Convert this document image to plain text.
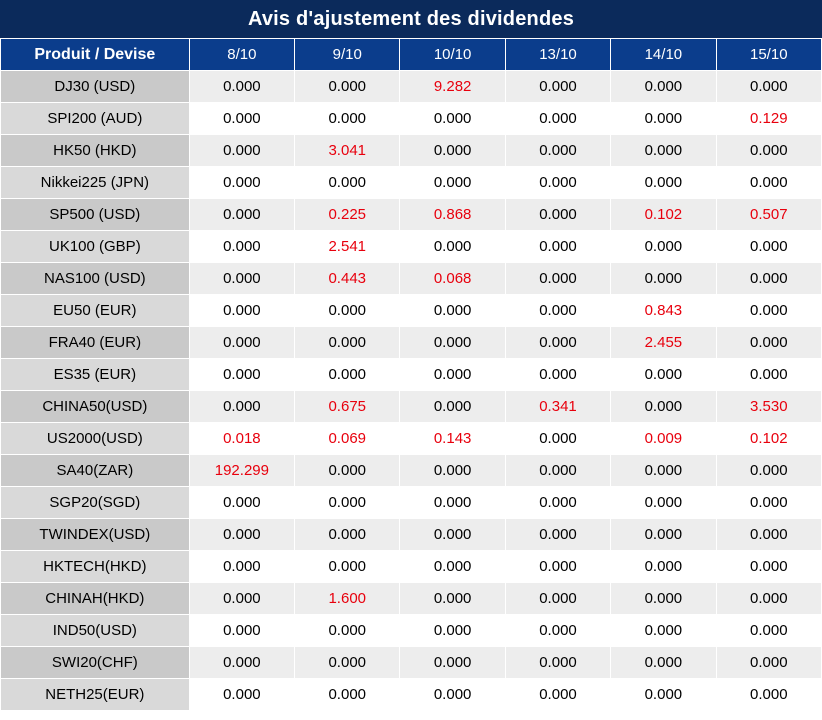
Avis d'ajustement des dividendes
Produit / Devise	8/10	9/10	10/10	13/10	14/10	15/10
DJ30 (USD)	0.000	0.000	9.282	0.000	0.000	0.000
SPI200 (AUD)	0.000	0.000	0.000	0.000	0.000	0.129
HK50 (HKD)	0.000	3.041	0.000	0.000	0.000	0.000
Nikkei225 (JPN)	0.000	0.000	0.000	0.000	0.000	0.000
SP500 (USD)	0.000	0.225	0.868	0.000	0.102	0.507
UK100 (GBP)	0.000	2.541	0.000	0.000	0.000	0.000
NAS100 (USD)	0.000	0.443	0.068	0.000	0.000	0.000
EU50 (EUR)	0.000	0.000	0.000	0.000	0.843	0.000
FRA40 (EUR)	0.000	0.000	0.000	0.000	2.455	0.000
ES35 (EUR)	0.000	0.000	0.000	0.000	0.000	0.000
CHINA50(USD)	0.000	0.675	0.000	0.341	0.000	3.530
US2000(USD)	0.018	0.069	0.143	0.000	0.009	0.102
SA40(ZAR)	192.299	0.000	0.000	0.000	0.000	0.000
SGP20(SGD)	0.000	0.000	0.000	0.000	0.000	0.000
TWINDEX(USD)	0.000	0.000	0.000	0.000	0.000	0.000
HKTECH(HKD)	0.000	0.000	0.000	0.000	0.000	0.000
CHINAH(HKD)	0.000	1.600	0.000	0.000	0.000	0.000
IND50(USD)	0.000	0.000	0.000	0.000	0.000	0.000
SWI20(CHF)	0.000	0.000	0.000	0.000	0.000	0.000
NETH25(EUR)	0.000	0.000	0.000	0.000	0.000	0.000
